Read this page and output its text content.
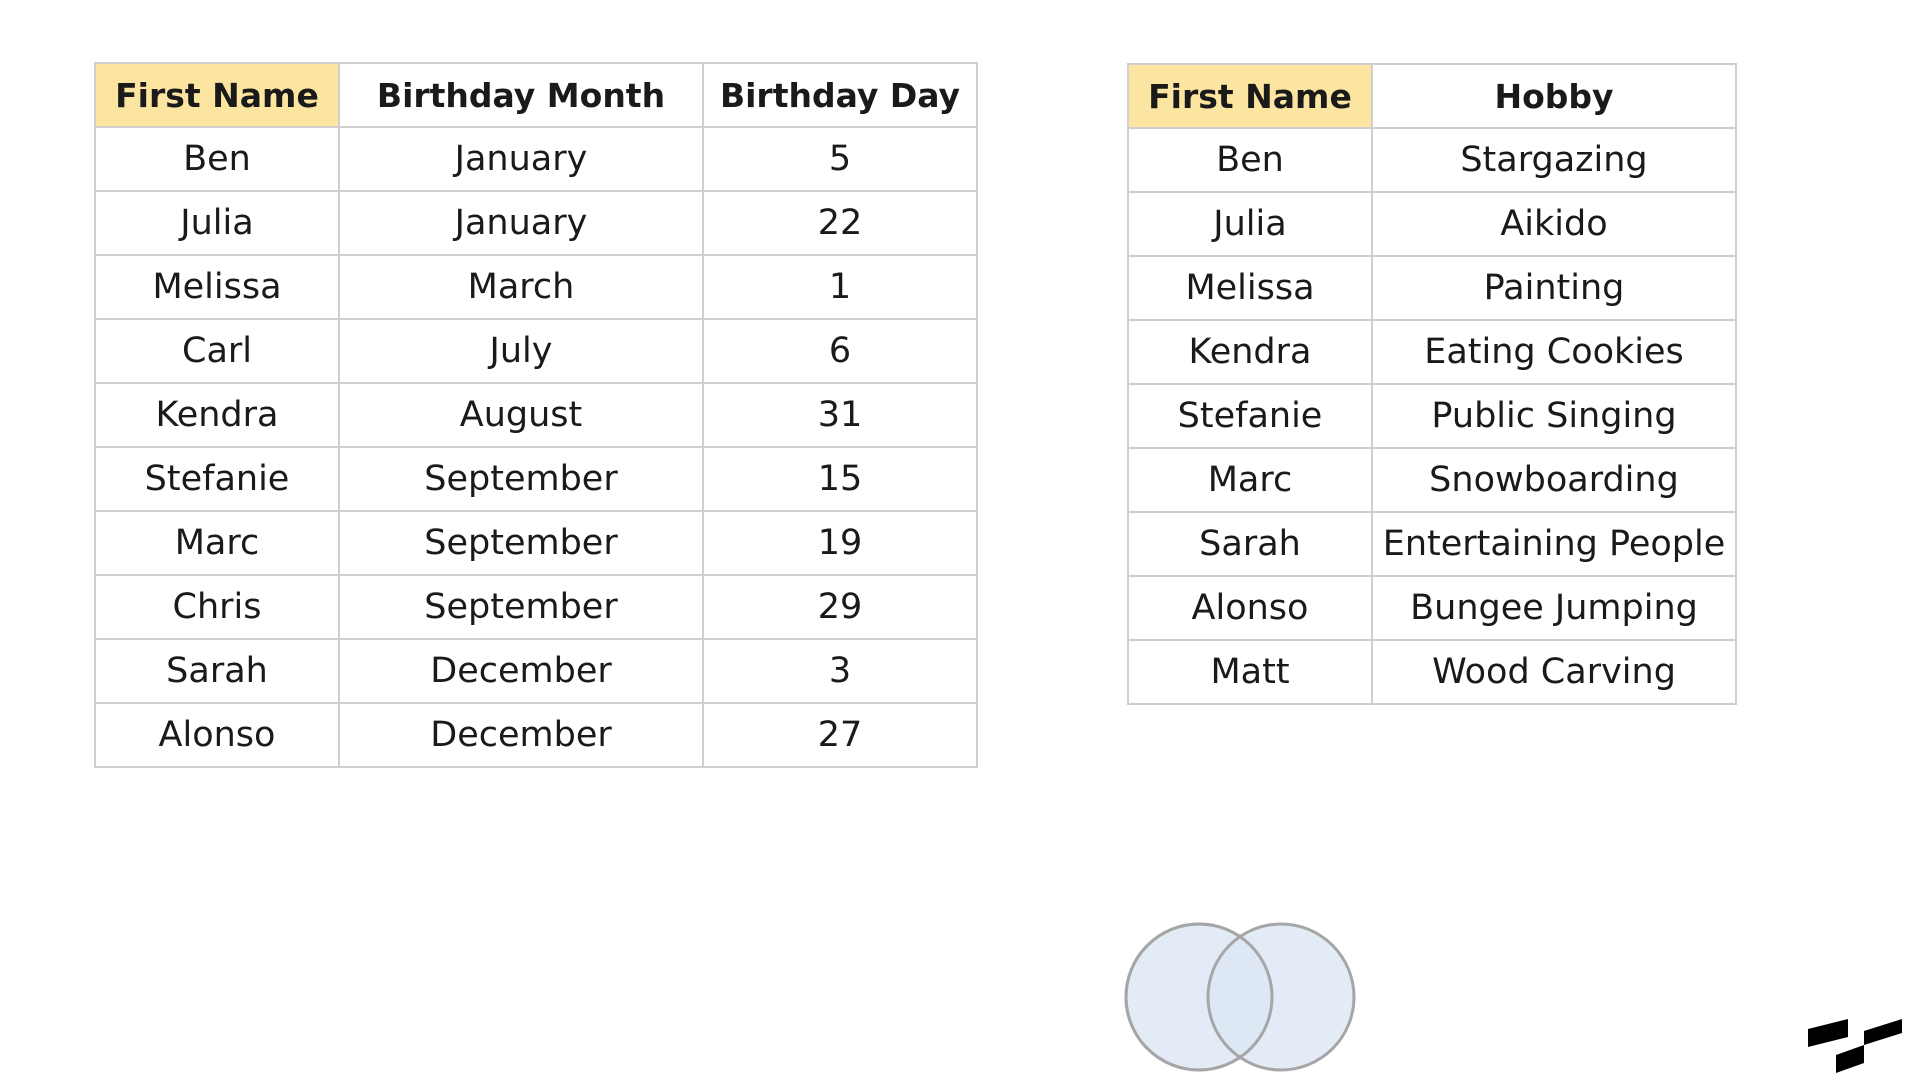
First Name	Birthday Month	Birthday Day
Ben	January	5
Julia	January	22
Melissa	March	1
Carl	July	6
Kendra	August	31
Stefanie	September	15
Marc	September	19
Chris	September	29
Sarah	December	3
Alonso	December	27
First Name	Hobby
Ben	Stargazing
Julia	Aikido
Melissa	Painting
Kendra	Eating Cookies
Stefanie	Public Singing
Marc	Snowboarding
Sarah	Entertaining People
Alonso	Bungee Jumping
Matt	Wood Carving
